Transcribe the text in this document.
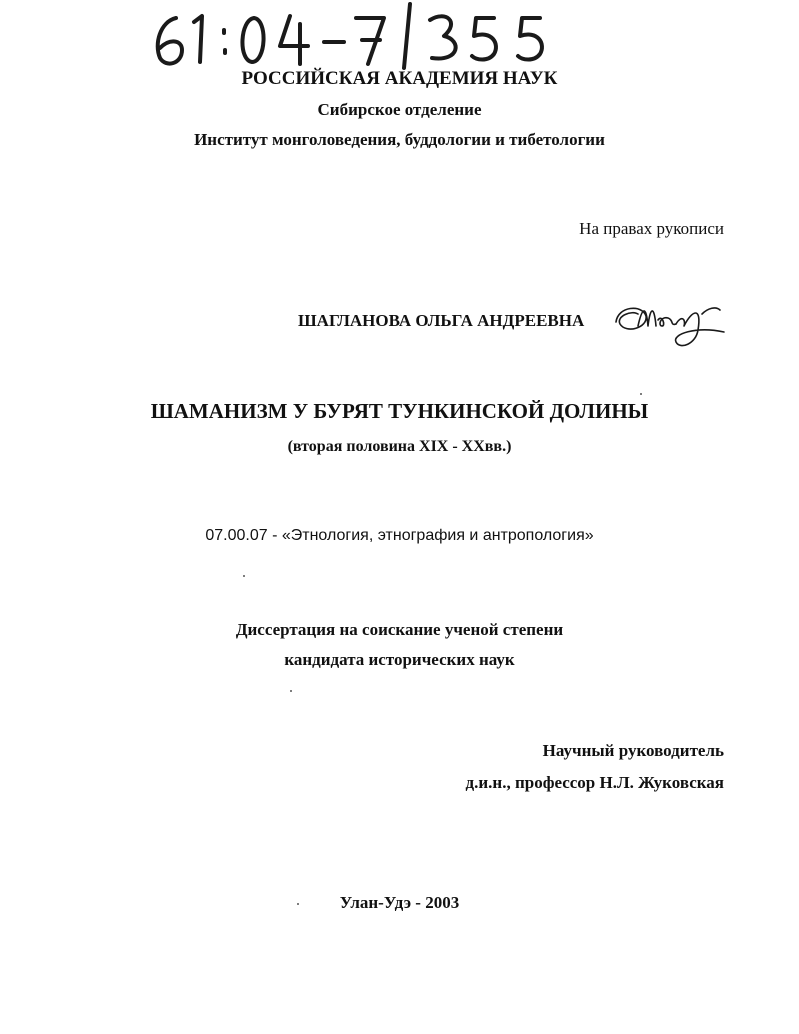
РОССИЙСКАЯ АКАДЕМИЯ НАУК
Сибирское отделение
Институт монголоведения, буддологии и тибетологии
На правах рукописи
ШАГЛАНОВА ОЛЬГА АНДРЕЕВНА
ШАМАНИЗМ У БУРЯТ ТУНКИНСКОЙ ДОЛИНЫ
(вторая половина XIX - XXвв.)
07.00.07 - «Этнология, этнография и антропология»
Диссертация на соискание ученой степени
кандидата исторических наук
Научный руководитель
д.и.н., профессор Н.Л. Жуковская
Улан-Удэ - 2003
